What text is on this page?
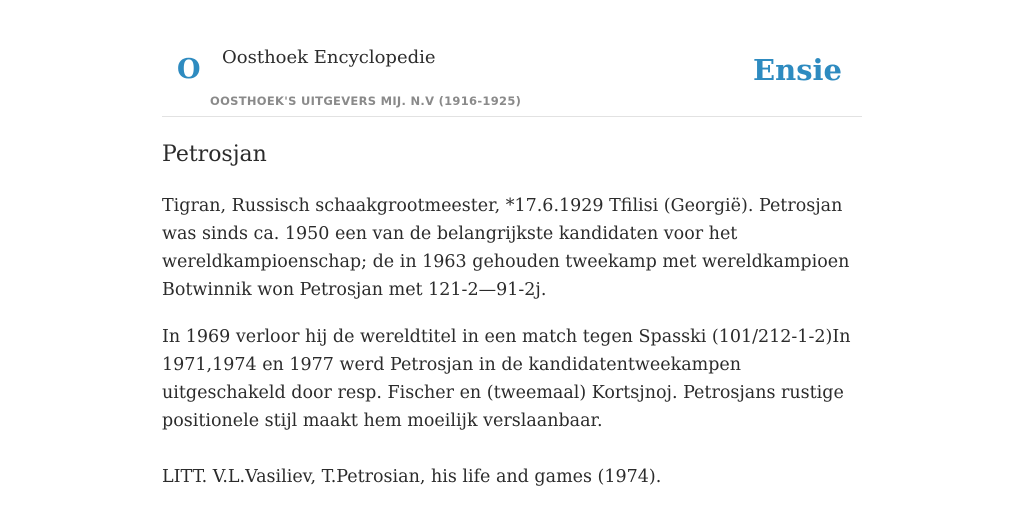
O Oosthoek Encyclopedie
OOSTHOEK'S UITGEVERS MIJ. N.V (1916-1925)
Ensie
Petrosjan

Tigran, Russisch schaakgrootmeester, *17.6.1929 Tfilisi (Georgië). Petrosjan was sinds ca. 1950 een van de belangrijkste kandidaten voor het wereldkampioenschap; de in 1963 gehouden tweekamp met wereldkampioen Botwinnik won Petrosjan met 121-2—91-2j.

In 1969 verloor hij de wereldtitel in een match tegen Spasski (101/212-1-2)In 1971,1974 en 1977 werd Petrosjan in de kandidatentweekampen uitgeschakeld door resp. Fischer en (tweemaal) Kortsjnoj. Petrosjans rustige positionele stijl maakt hem moeilijk verslaanbaar.

LITT. V.L.Vasiliev, T.Petrosian, his life and games (1974).
